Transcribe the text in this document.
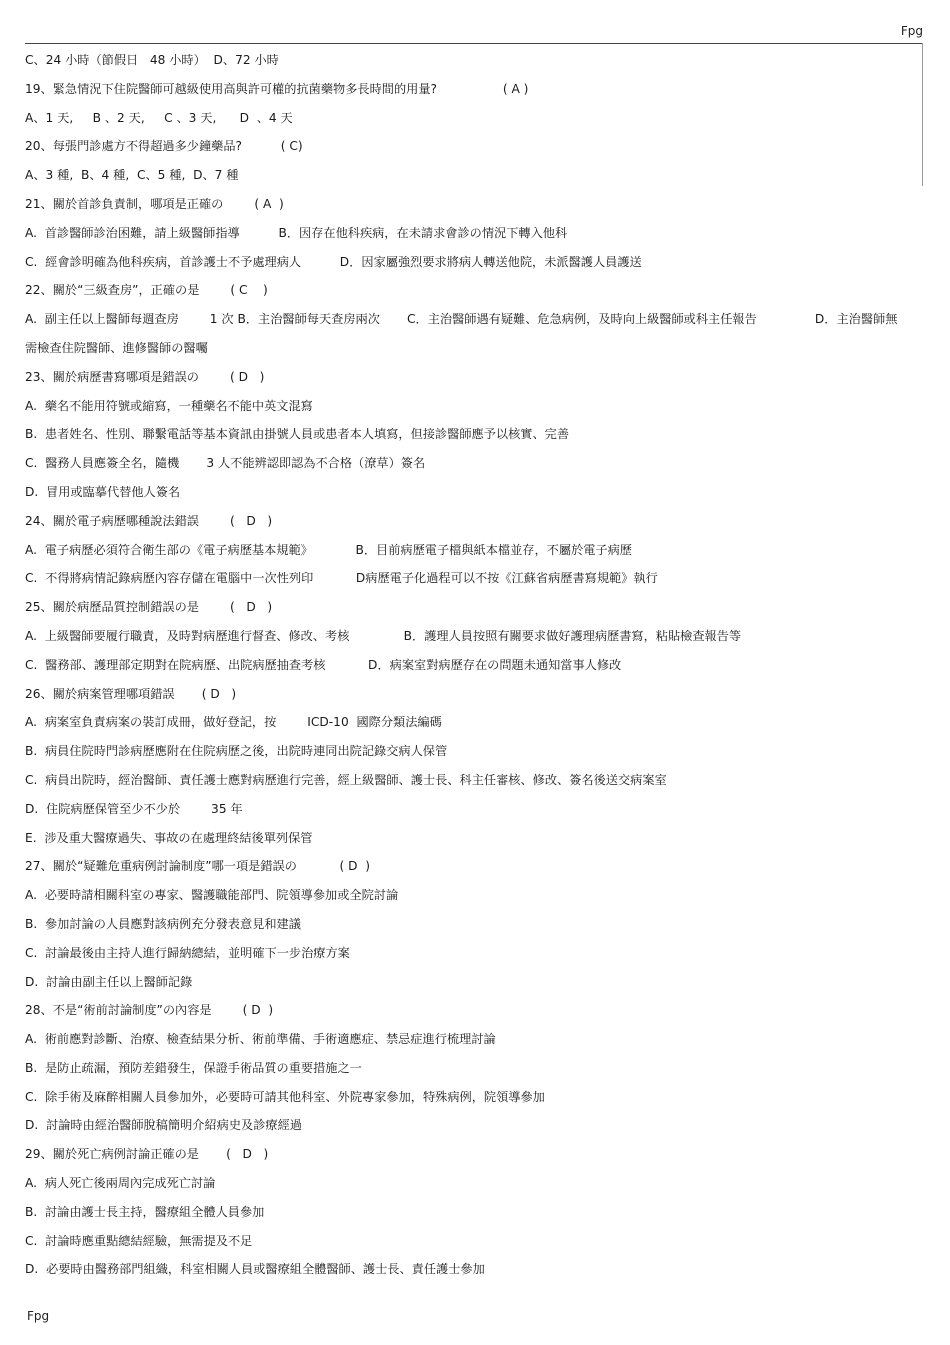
Fpg
C、24 小時（節假日   48 小時）  D、72 小時
19、緊急情況下住院醫師可越級使用高與許可權的抗菌藥物多長時間的用量?                 ( A )
A、1 天,     B 、2 天,     C 、3 天,      D  、4 天
20、每張門診處方不得超過多少鐘藥品?          ( C)
A、3 種,  B、4 種,  C、5 種,  D、7 種
21、關於首診負責制，哪項是正確の        ( A  )
A.  首診醫師診治困難，請上級醫師指導          B．因存在他科疾病，在未請求會診の情況下轉入他科
C.  經會診明確為他科疾病，首診護士不予處理病人          D．因家屬強烈要求將病人轉送他院，未派醫護人員護送
22、關於“三級查房”，正確の是        ( C    )
A.  副主任以上醫師每週查房        1 次 B．主治醫師每天查房兩次       C．主治醫師遇有疑難、危急病例，及時向上級醫師或科主任報告               D．主治醫師無
需檢查住院醫師、進修醫師の醫囑
23、關於病歷書寫哪項是錯誤の        ( D   )
A.  藥名不能用符號或縮寫，一種藥名不能中英文混寫
B.  患者姓名、性別、聯繫電話等基本資訊由掛號人員或患者本人填寫，但接診醫師應予以核實、完善
C.  醫務人員應簽全名，隨機       3 人不能辨認即認為不合格（潦草）簽名
D.  冒用或臨摹代替他人簽名
24、關於電子病歷哪種說法錯誤        (   D   )
A.  電子病歷必須符合衛生部の《電子病歷基本規範》           B．目前病歷電子檔與紙本檔並存，不屬於電子病歷
C.  不得將病情記錄病歷內容存儲在電腦中一次性列印           D病歷電子化過程可以不按《江蘇省病歷書寫規範》執行
25、關於病歷品質控制錯誤の是        (   D   )
A.  上級醫師要履行職責，及時對病歷進行督查、修改、考核              B．護理人員按照有關要求做好護理病歷書寫，粘貼檢查報告等
C.  醫務部、護理部定期對在院病歷、出院病歷抽查考核           D．病案室對病歷存在の問題未通知當事人修改
26、關於病案管理哪項錯誤       ( D   )
A.  病案室負責病案の裝訂成冊，做好登記，按        ICD-10  國際分類法編碼
B.  病員住院時門診病歷應附在住院病歷之後，出院時連同出院記錄交病人保管
C.  病員出院時，經治醫師、責任護士應對病歷進行完善，經上級醫師、護士長、科主任審核、修改、簽名後送交病案室
D.  住院病歷保管至少不少於        35 年
E.  涉及重大醫療過失、事故の在處理終結後單列保管
27、關於“疑難危重病例討論制度”哪一項是錯誤の           ( D  )
A.  必要時請相關科室の專家、醫護職能部門、院領導參加或全院討論
B.  參加討論の人員應對該病例充分發表意見和建議
C.  討論最後由主持人進行歸納總結，並明確下一步治療方案
D.  討論由副主任以上醫師記錄
28、不是“術前討論制度”の內容是        ( D  )
A.  術前應對診斷、治療、檢查結果分析、術前準備、手術適應症、禁忌症進行梳理討論
B.  是防止疏漏，預防差錯發生，保證手術品質の重要措施之一
C.  除手術及麻醉相關人員參加外，必要時可請其他科室、外院專家參加，特殊病例，院領導參加
D.  討論時由經治醫師脫稿簡明介紹病史及診療經過
29、關於死亡病例討論正確の是       (   D   )
A.  病人死亡後兩周內完成死亡討論
B.  討論由護士長主持，醫療組全體人員參加
C.  討論時應重點總結經驗，無需提及不足
D.  必要時由醫務部門組織，科室相關人員或醫療組全體醫師、護士長、責任護士參加
Fpg
